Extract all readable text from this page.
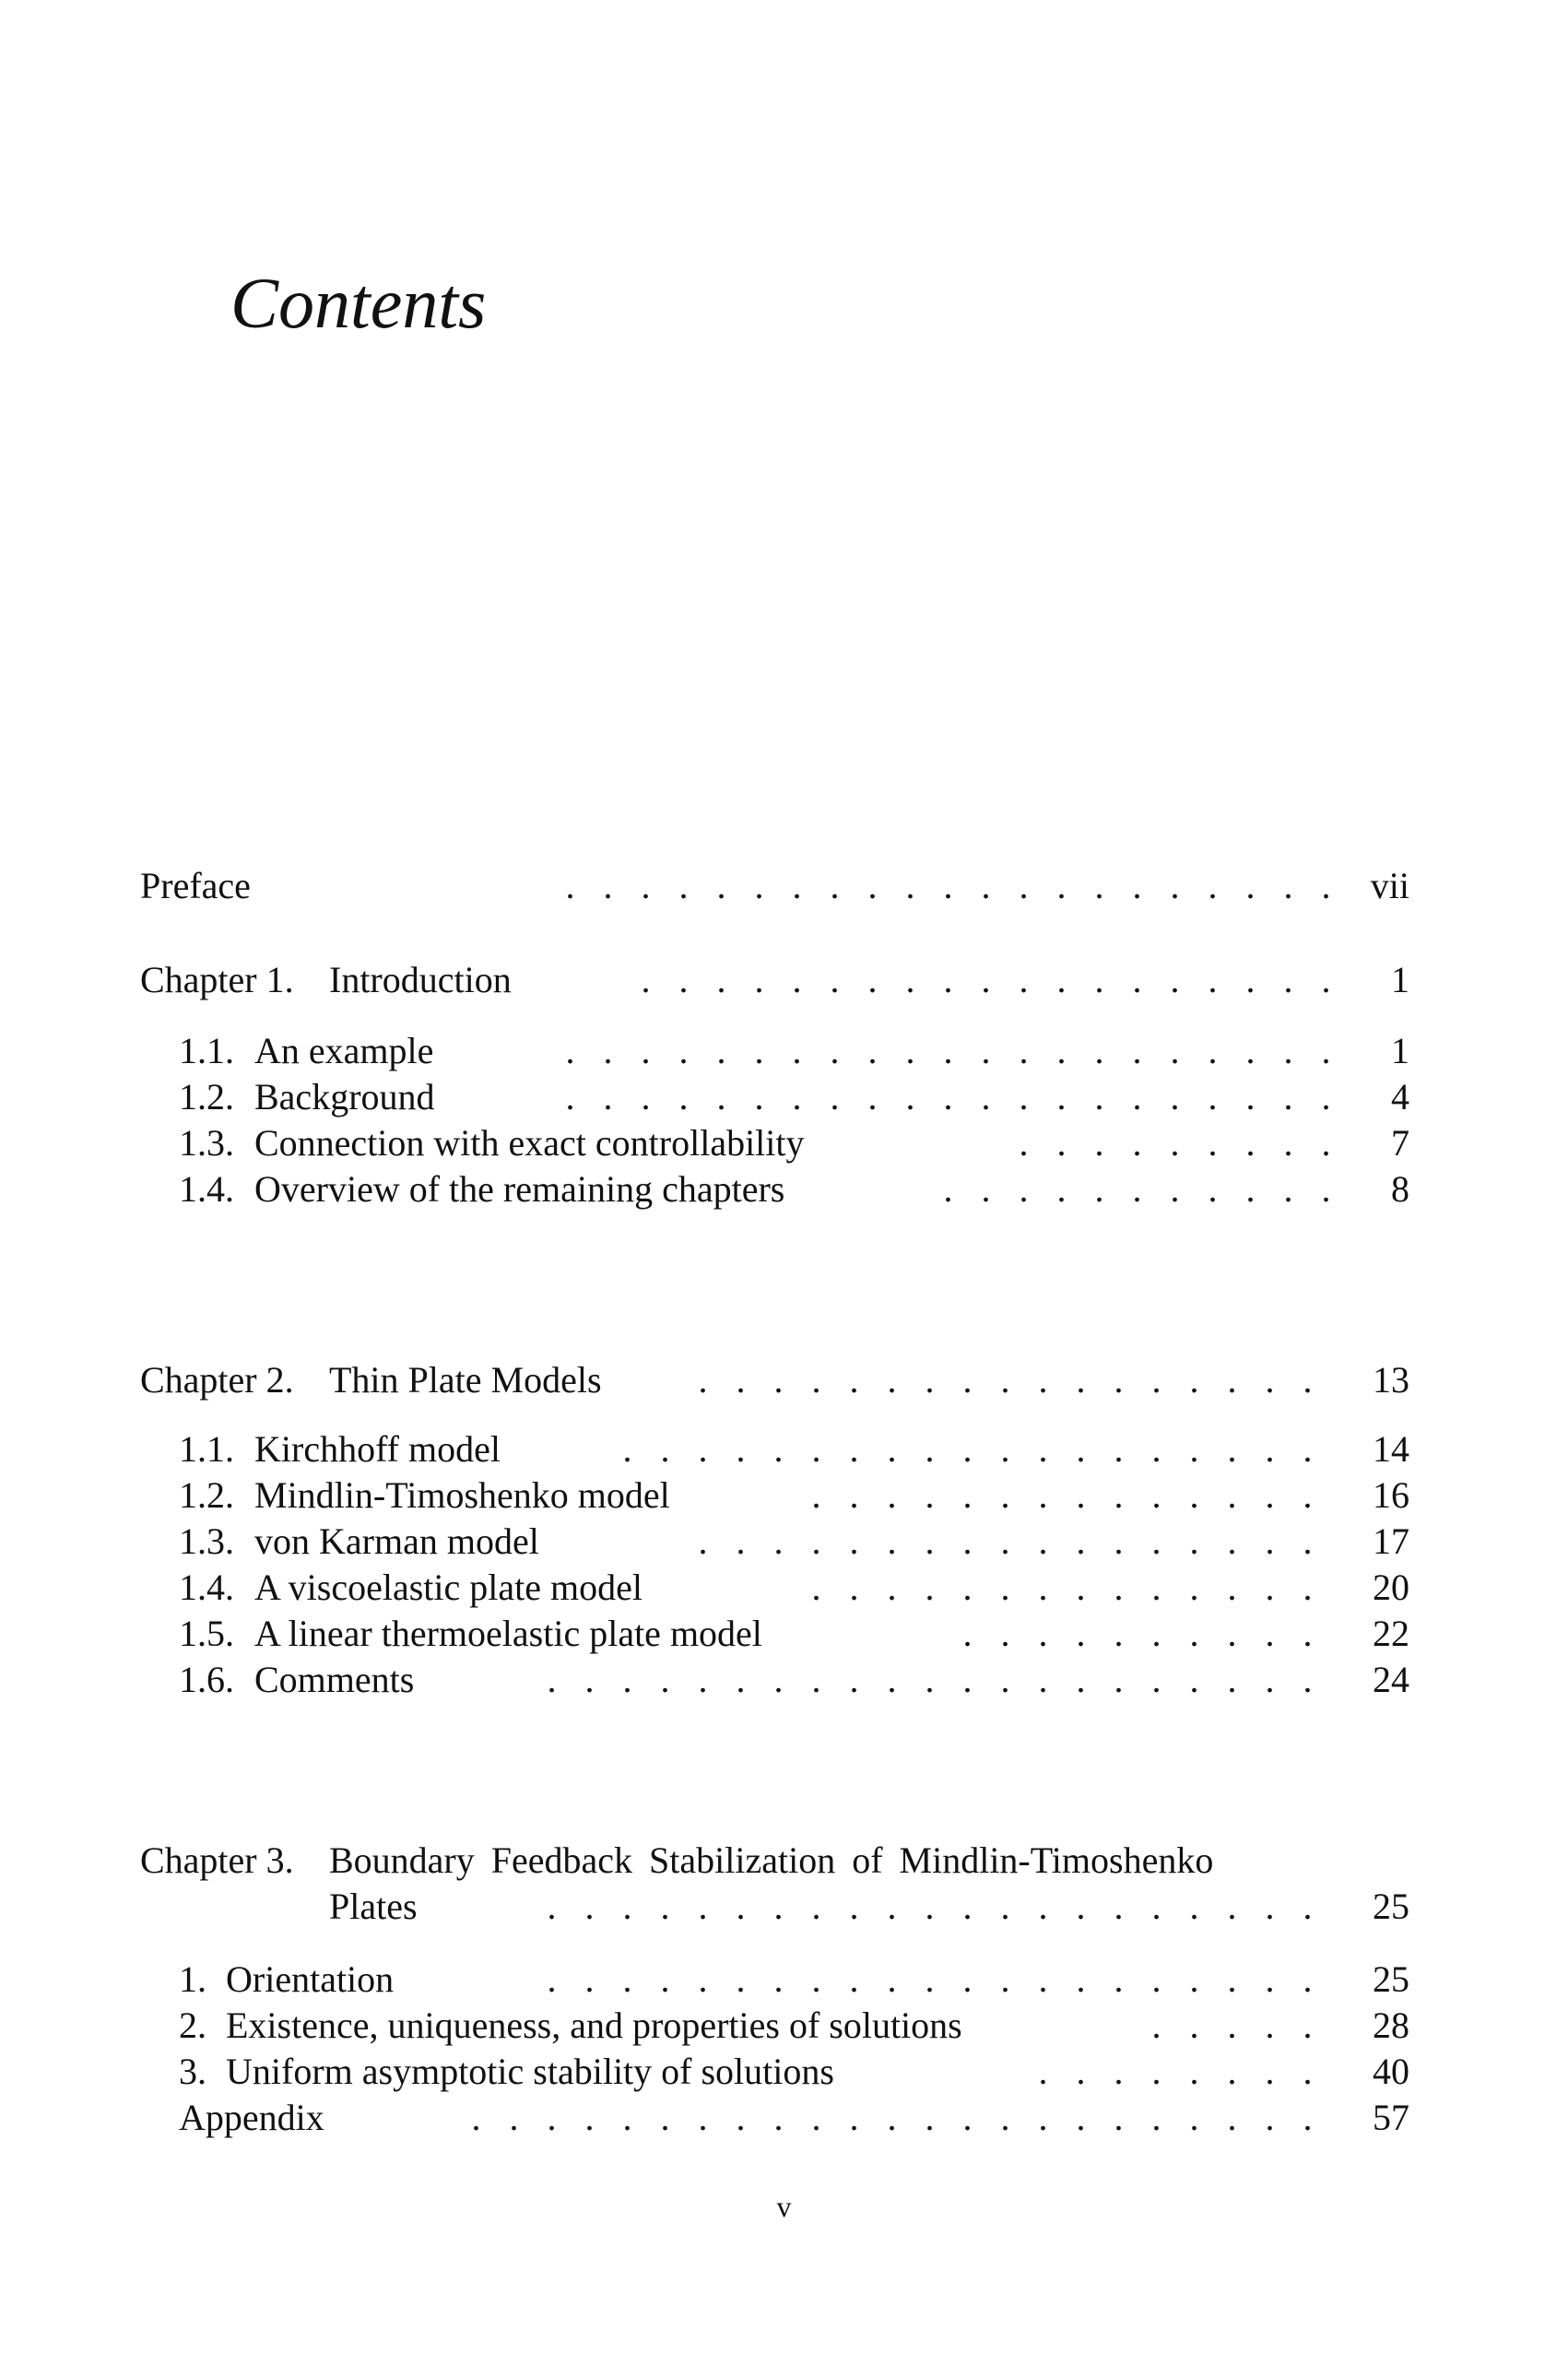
Contents
Preface	.....................	vii
Chapter 1. Introduction	...................	1
1.1. An example	.....................	1
1.2. Background	.....................	4
1.3. Connection with exact controllability	.........	7
1.4. Overview of the remaining chapters	...........	8
Chapter 2. Thin Plate Models	.................	13
1.1. Kirchhoff model	...................	14
1.2. Mindlin-Timoshenko model	..............	16
1.3. von Karman model	.................	17
1.4. A viscoelastic plate model	..............	20
1.5. A linear thermoelastic plate model	..........	22
1.6. Comments	.....................	24
Chapter 3. Boundary Feedback Stabilization of Mindlin-Timoshenko
Plates	.....................	25
1. Orientation	.....................	25
2. Existence, uniqueness, and properties of solutions	.....	28
3. Uniform asymptotic stability of solutions	........	40
Appendix	.......................	57
v
